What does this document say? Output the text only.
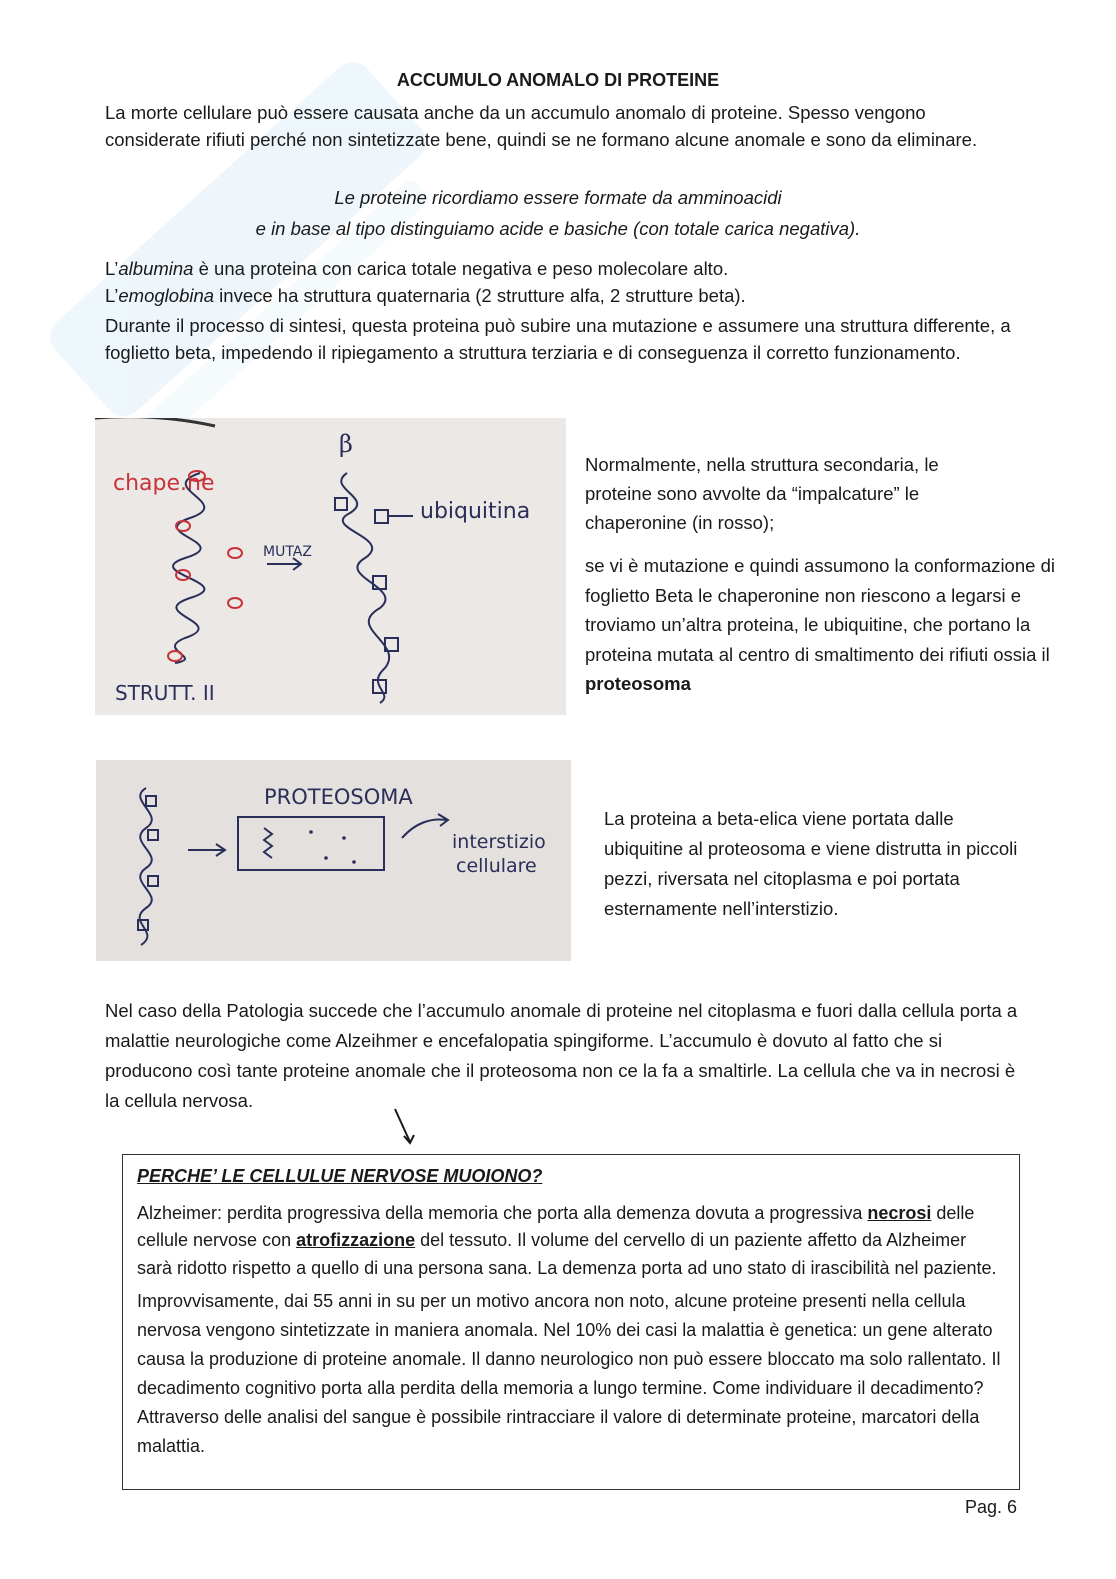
ACCUMULO ANOMALO DI PROTEINE
La morte cellulare può essere causata anche da un accumulo anomalo di proteine. Spesso vengono considerate rifiuti perché non sintetizzate bene, quindi se ne formano alcune anomale e sono da eliminare.
Le proteine ricordiamo essere formate da amminoacidi
e in base al tipo distinguiamo acide e basiche (con totale carica negativa).
L’albumina è una proteina con carica totale negativa e peso molecolare alto.
L’emoglobina invece ha struttura quaternaria (2 strutture alfa, 2 strutture beta).
Durante il processo di sintesi, questa proteina può subire una mutazione e assumere una struttura differente, a foglietto beta, impedendo il ripiegamento a struttura terziaria e di conseguenza il corretto funzionamento.
chape.ne
STRUTT. II
MUTAZ
β
ubiquitina
Normalmente, nella struttura secondaria, le proteine sono avvolte da “impalcature” le chaperonine (in rosso);
se vi è mutazione e quindi assumono la conformazione di foglietto Beta le chaperonine non riescono a legarsi e troviamo un’altra proteina, le ubiquitine, che portano la proteina mutata al centro di smaltimento dei rifiuti ossia il proteosoma
PROTEOSOMA
interstizio
cellulare
La proteina a beta-elica viene portata dalle ubiquitine al proteosoma e viene distrutta in piccoli pezzi, riversata nel citoplasma e poi portata esternamente nell’interstizio.
Nel caso della Patologia succede che l’accumulo anomale di proteine nel citoplasma e fuori dalla cellula porta a malattie neurologiche come Alzeihmer e encefalopatia spingiforme. L’accumulo è dovuto al fatto che si producono così tante proteine anomale che il proteosoma non ce la fa a smaltirle. La cellula che va in necrosi è la cellula nervosa.

PERCHE’ LE CELLULUE NERVOSE MUOIONO?

Alzheimer: perdita progressiva della memoria che porta alla demenza dovuta a progressiva necrosi delle cellule nervose con atrofizzazione del tessuto. Il volume del cervello di un paziente affetto da Alzheimer sarà ridotto rispetto a quello di una persona sana. La demenza porta ad uno stato di irascibilità nel paziente.

Improvvisamente, dai 55 anni in su per un motivo ancora non noto, alcune proteine presenti nella cellula nervosa vengono sintetizzate in maniera anomala. Nel 10% dei casi la malattia è genetica: un gene alterato causa la produzione di proteine anomale. Il danno neurologico non può essere bloccato ma solo rallentato. Il decadimento cognitivo porta alla perdita della memoria a lungo termine. Come individuare il decadimento? Attraverso delle analisi del sangue è possibile rintracciare il valore di determinate proteine, marcatori della malattia.

Pag. 6
